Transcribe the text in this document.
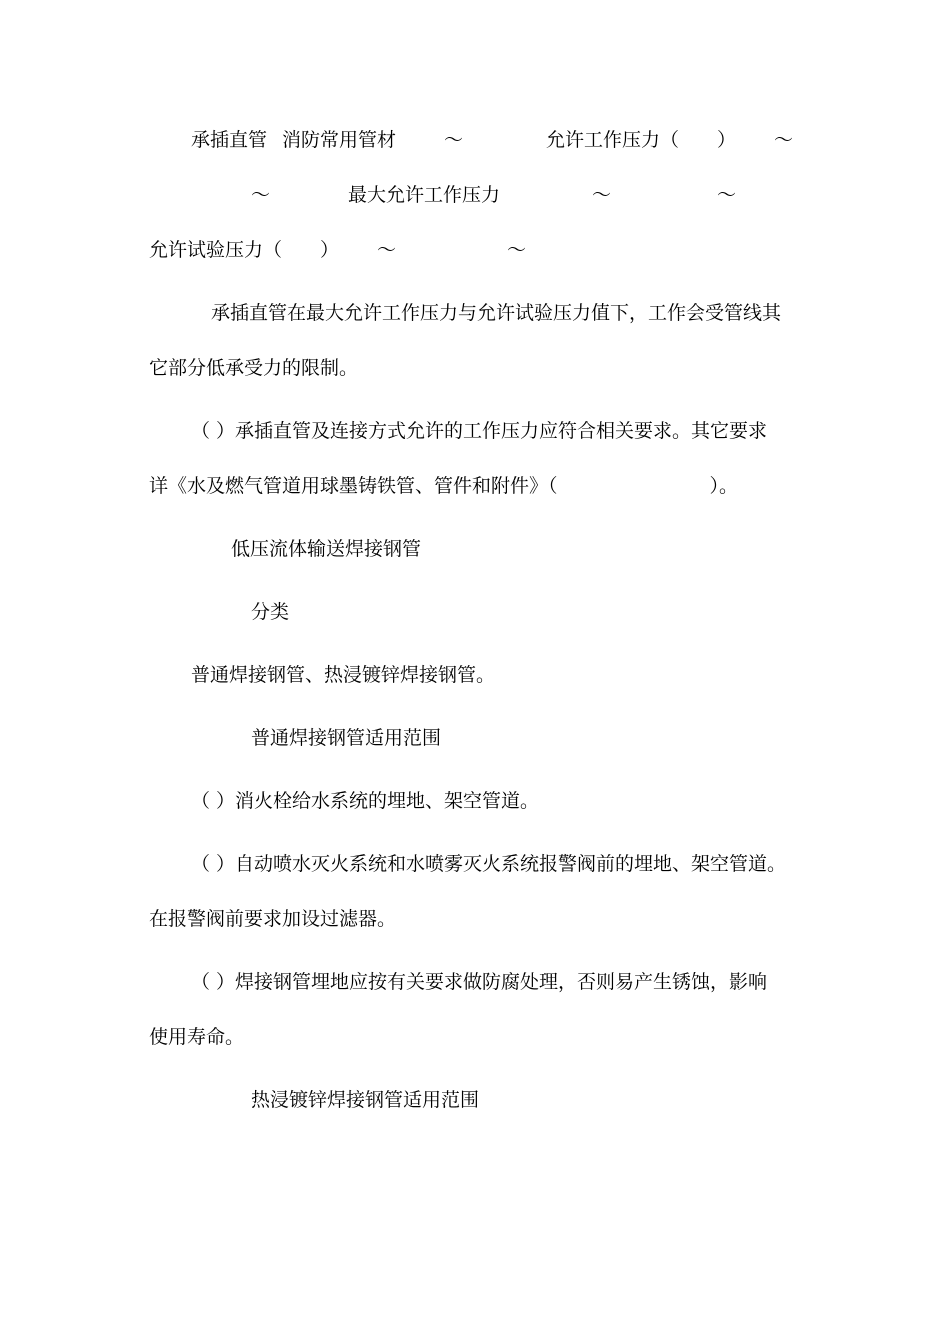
承插直管 消防常用管材	～	允许工作压力（　　） ～
～	最大允许工作压力	～	～
允许试验压力（　　） ～	～

承插直管在最大允许工作压力与允许试验压力值下，工作会受管线其

它部分低承受力的限制。

（ ）承插直管及连接方式允许的工作压力应符合相关要求。其它要求

详《水及燃气管道用球墨铸铁管、管件和附件》（　　　　　　　　）。

低压流体输送焊接钢管

分类

普通焊接钢管、热浸镀锌焊接钢管。

普通焊接钢管适用范围

（ ）消火栓给水系统的埋地、架空管道。

（ ）自动喷水灭火系统和水喷雾灭火系统报警阀前的埋地、架空管道。

在报警阀前要求加设过滤器。

（ ）焊接钢管埋地应按有关要求做防腐处理，否则易产生锈蚀，影响

使用寿命。

热浸镀锌焊接钢管适用范围
